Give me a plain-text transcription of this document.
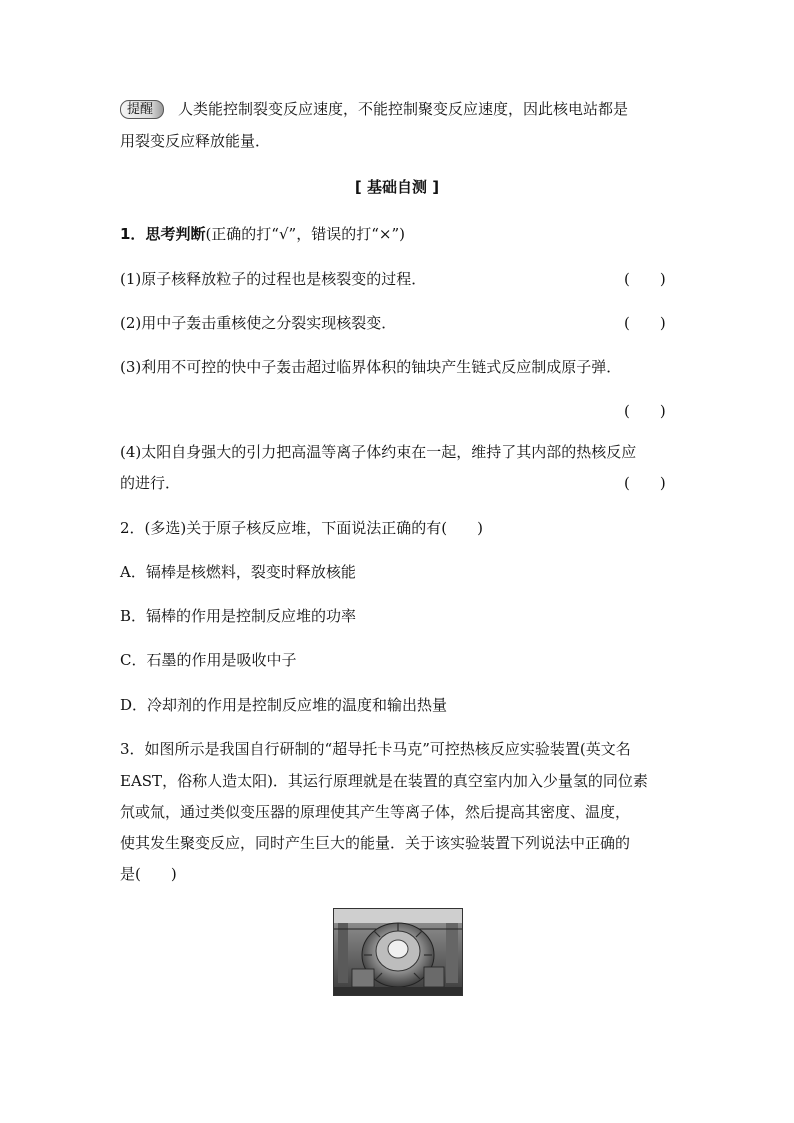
提醒 人类能控制裂变反应速度，不能控制聚变反应速度，因此核电站都是
用裂变反应释放能量．
[ 基础自测 ]
1．思考判断(正确的打“√”，错误的打“×”)
(1)原子核释放粒子的过程也是核裂变的过程．	(　　)
(2)用中子轰击重核使之分裂实现核裂变．	(　　)
(3)利用不可控的快中子轰击超过临界体积的铀块产生链式反应制成原子弹．
(　　)
(4)太阳自身强大的引力把高温等离子体约束在一起，维持了其内部的热核反应
的进行．	(　　)
2．(多选)关于原子核反应堆，下面说法正确的有(　　)
A．镉棒是核燃料，裂变时释放核能
B．镉棒的作用是控制反应堆的功率
C．石墨的作用是吸收中子
D．冷却剂的作用是控制反应堆的温度和输出热量
3．如图所示是我国自行研制的“超导托卡马克”可控热核反应实验装置(英文名
EAST，俗称人造太阳)．其运行原理就是在装置的真空室内加入少量氢的同位素
氘或氚，通过类似变压器的原理使其产生等离子体，然后提高其密度、温度，
使其发生聚变反应，同时产生巨大的能量．关于该实验装置下列说法中正确的
是(　　)
